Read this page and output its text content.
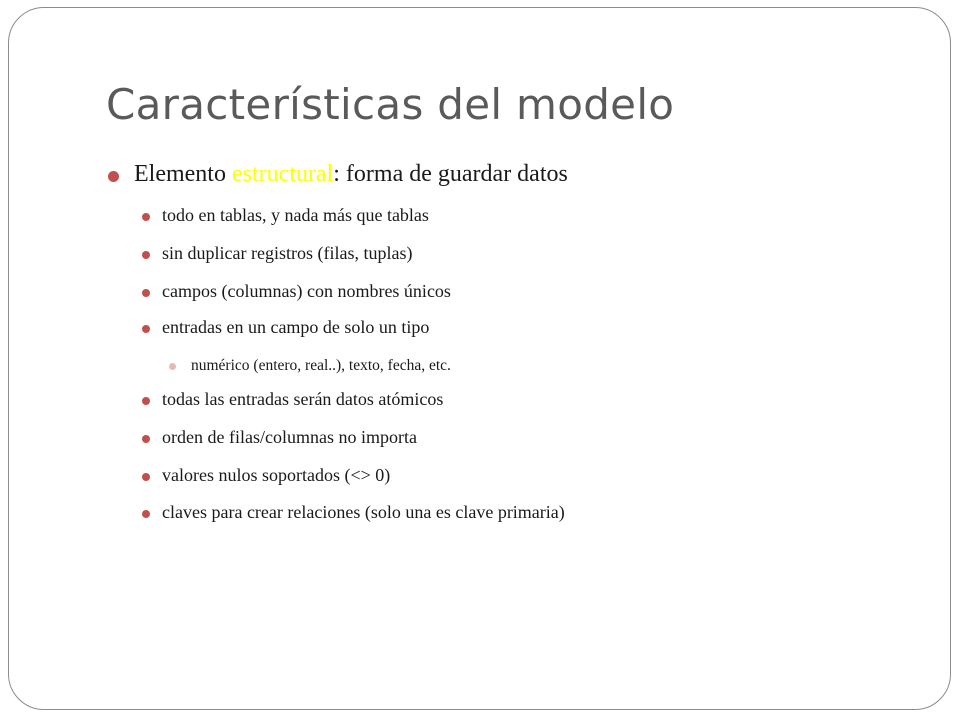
Características del modelo
Elemento estructural: forma de guardar datos
todo en tablas, y nada más que tablas
sin duplicar registros (filas, tuplas)
campos (columnas) con nombres únicos
entradas en un campo de solo un tipo
numérico (entero, real..), texto, fecha, etc.
todas las entradas serán datos atómicos
orden de filas/columnas no importa
valores nulos soportados (<> 0)
claves para crear relaciones (solo una es clave primaria)
